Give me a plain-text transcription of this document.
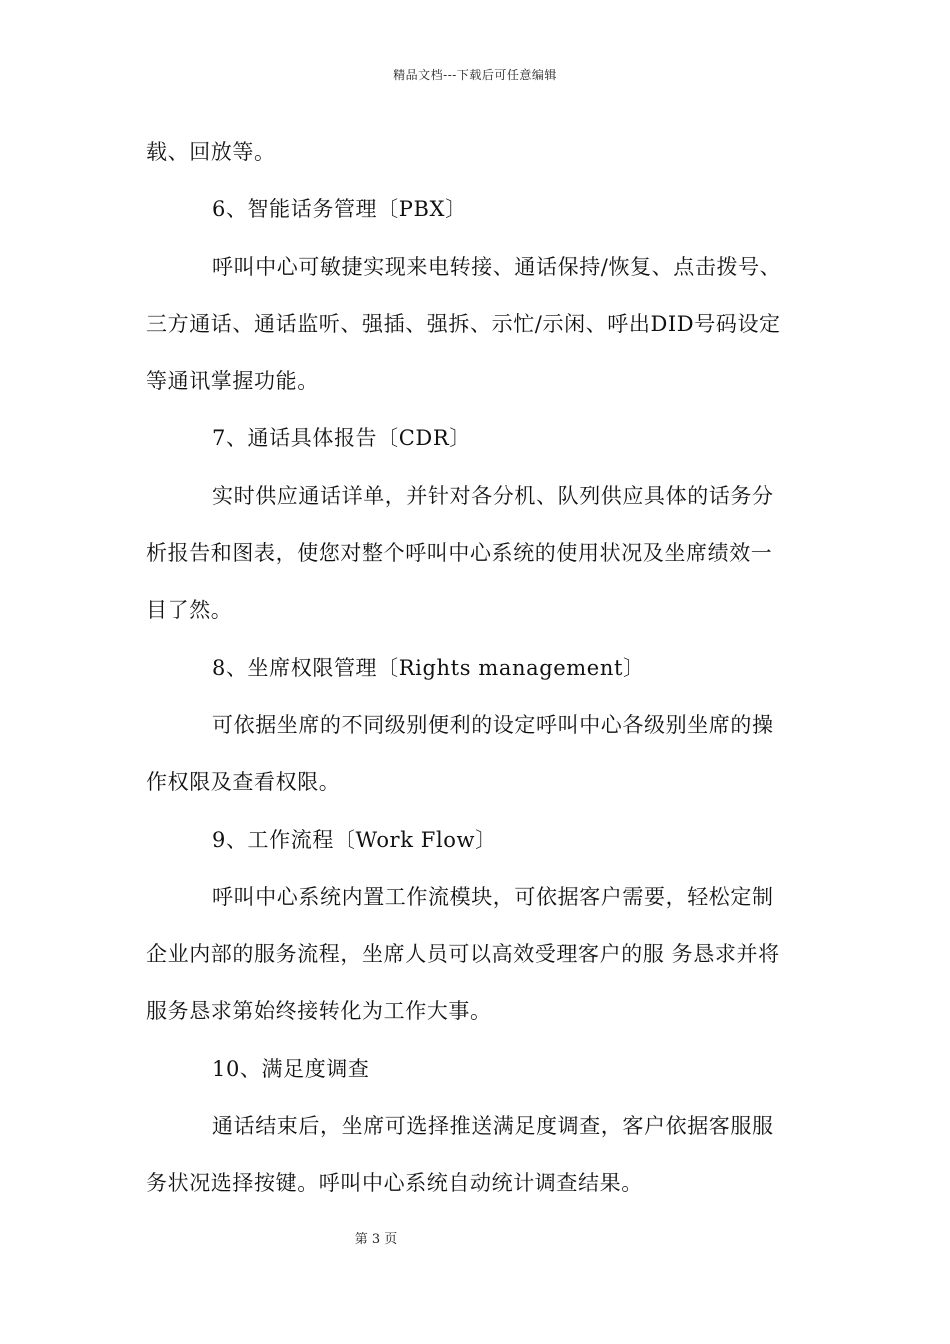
精品文档---下载后可任意编辑
载、回放等。
6、智能话务管理〔PBX〕
呼叫中心可敏捷实现来电转接、通话保持/恢复、点击拨号、
三方通话、通话监听、强插、强拆、示忙/示闲、呼出DID号码设定
等通讯掌握功能。
7、通话具体报告〔CDR〕
实时供应通话详单，并针对各分机、队列供应具体的话务分
析报告和图表，使您对整个呼叫中心系统的使用状况及坐席绩效一
目了然。
8、坐席权限管理〔Rights management〕
可依据坐席的不同级别便利的设定呼叫中心各级别坐席的操
作权限及查看权限。
9、工作流程〔Work Flow〕
呼叫中心系统内置工作流模块，可依据客户需要，轻松定制
企业内部的服务流程，坐席人员可以高效受理客户的服 务恳求并将
服务恳求第始终接转化为工作大事。
10、满足度调查
通话结束后，坐席可选择推送满足度调查，客户依据客服服
务状况选择按键。呼叫中心系统自动统计调查结果。
第 3 页
